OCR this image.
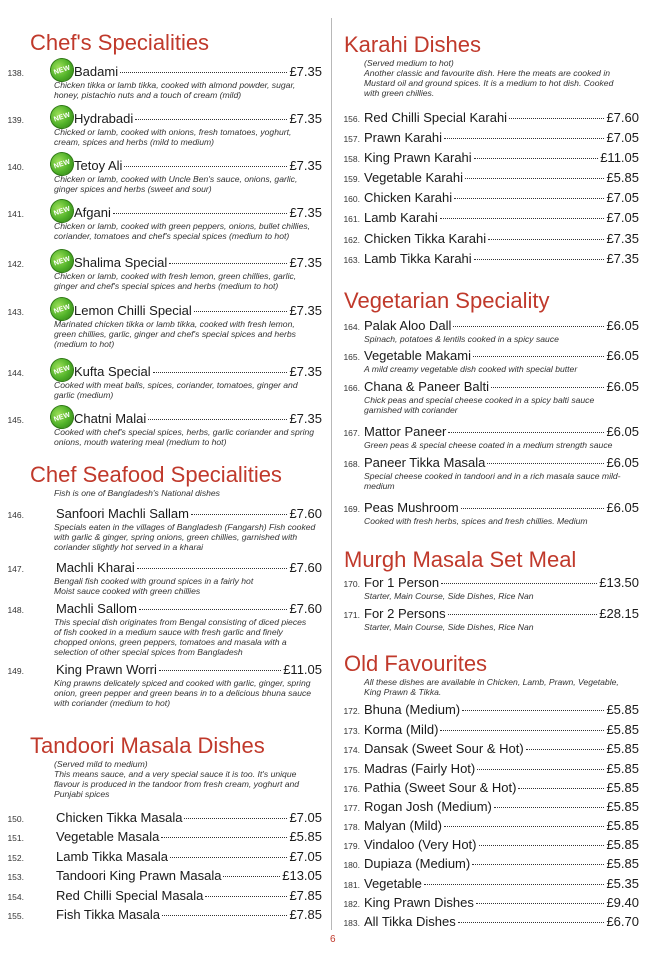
Chef's Specialities
138.	NEW Badami	£7.35
Chicken tikka or lamb tikka, cooked with almond powder, sugar,
honey, pistachio nuts and a touch of cream (mild)
139.	NEW Hydrabadi	£7.35
Chicked or lamb, cooked with onions, fresh tomatoes, yoghurt,
cream, spices and herbs (mild to medium)
140.	NEW Tetoy Ali	£7.35
Chicken or lamb, cooked with Uncle Ben's sauce, onions, garlic,
ginger spices and herbs (sweet and sour)
141.	NEW Afgani	£7.35
Chicken or lamb, cooked with green peppers, onions, bullet chillies,
coriander, tomatoes and chef's special spices (medium to hot)
142.	NEW Shalima Special	£7.35
Chicken or lamb, cooked with fresh lemon, green chillies, garlic,
ginger and chef's special spices and herbs (medium to hot)
143.	NEW Lemon Chilli Special	£7.35
Marinated chicken tikka or lamb tikka, cooked with fresh lemon,
green chillies, garlic, ginger and chef's special spices and herbs
(medium to hot)
144.	NEW Kufta Special	£7.35
Cooked with meat balls, spices, coriander, tomatoes, ginger and
garlic (medium)
145.	NEW Chatni Malai	£7.35
Cooked with chef's special spices, herbs, garlic coriander and spring
onions, mouth watering meal (medium to hot)
Chef Seafood Specialities
Fish is one of Bangladesh's National dishes
146. Sanfoori Machli Sallam	£7.60
Specials eaten in the villages of Bangladesh (Fangarsh) Fish cooked
with garlic & ginger, spring onions, green chillies, garnished with
coriander slightly hot served in a kharai
147. Machli Kharai	£7.60
Bengali fish cooked with ground spices in a fairly hot
Moist sauce cooked with green chillies
148. Machli Sallom	£7.60
This special dish originates from Bengal consisting of diced pieces
of fish cooked in a medium sauce with fresh garlic and finely
chopped onions, green peppers, tomatoes and masala with a
selection of other special spices from Bangladesh
149. King Prawn Worri	£11.05
King prawns delicately spiced and cooked with garlic, ginger, spring
onion, green pepper and green beans in to a delicious bhuna sauce
with coriander (medium to hot)
Tandoori Masala Dishes
(Served mild to medium)
This means sauce, and a very special sauce it is too. It's unique
flavour is produced in the tandoor from fresh cream, yoghurt and
Punjabi spices
150. Chicken Tikka Masala	£7.05
151. Vegetable Masala	£5.85
152. Lamb Tikka Masala	£7.05
153. Tandoori King Prawn Masala	£13.05
154. Red Chilli Special Masala	£7.85
155. Fish Tikka Masala	£7.85
Karahi Dishes
(Served medium to hot)
Another classic and favourite dish. Here the meats are cooked in
Mustard oil and ground spices. It is a medium to hot dish. Cooked
with green chillies.
156. Red Chilli Special Karahi	£7.60
157. Prawn Karahi	£7.05
158. King Prawn Karahi	£11.05
159. Vegetable Karahi	£5.85
160. Chicken Karahi	£7.05
161. Lamb Karahi	£7.05
162. Chicken Tikka Karahi	£7.35
163. Lamb Tikka Karahi	£7.35
Vegetarian Speciality
164. Palak Aloo Dall	£6.05
Spinach, potatoes & lentils cooked in a spicy sauce
165. Vegetable Makami	£6.05
A mild creamy vegetable dish cooked with special butter
166. Chana & Paneer Balti	£6.05
Chick peas and special cheese cooked in a spicy balti sauce
garnished with coriander
167. Mattor Paneer	£6.05
Green peas & special cheese coated in a medium strength sauce
168. Paneer Tikka Masala	£6.05
Special cheese cooked in tandoori and in a rich masala sauce mild-
medium
169. Peas Mushroom	£6.05
Cooked with fresh herbs, spices and fresh chillies. Medium
Murgh Masala Set Meal
170. For 1 Person	£13.50
Starter, Main Course, Side Dishes, Rice Nan
171. For 2 Persons	£28.15
Starter, Main Course, Side Dishes, Rice Nan
Old Favourites
All these dishes are available in Chicken, Lamb, Prawn, Vegetable,
King Prawn & Tikka.
172. Bhuna (Medium)	£5.85
173. Korma (Mild)	£5.85
174. Dansak (Sweet Sour & Hot)	£5.85
175. Madras (Fairly Hot)	£5.85
176. Pathia (Sweet Sour & Hot)	£5.85
177. Rogan Josh (Medium)	£5.85
178. Malyan (Mild)	£5.85
179. Vindaloo (Very Hot)	£5.85
180. Dupiaza (Medium)	£5.85
181. Vegetable	£5.35
182. King Prawn Dishes	£9.40
183. All Tikka Dishes	£6.70
6
